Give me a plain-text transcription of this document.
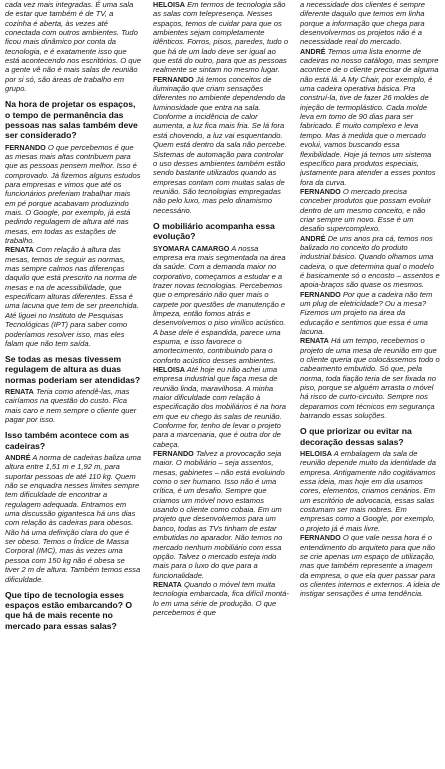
cada vez mais integradas. É uma sala de estar que também é de TV, a cozinha é aberta, às vezes até conectada com outros ambientes. Tudo ficou mais dinâmico por conta da tecnologia, e é exatamente isso que está acontecendo nos escritórios. O que a gente vê não é mais salas de reunião por si só, são áreas de trabalho em grupo.

Na hora de projetar os espaços, o tempo de permanência das pessoas nas salas também deve ser considerado?

FERNANDO O que percebemos é que as mesas mais altas contribuem para que as pessoas pensem melhor. Isso é comprovado. Já fizemos alguns estudos para empresas e vimos que até os funcionários preferiam trabalhar mais em pé porque acabavam produzindo mais. O Google, por exemplo, já está pedindo regulagem de altura até nas mesas, em todas as estações de trabalho.

RENATA Com relação à altura das mesas, temos de seguir as normas, mas sempre calmos nas diferenças daquilo que está prescrito na norma de mesas e na de acessibilidade, que especificam alturas diferentes. Essa é uma lacuna que tem de ser preenchida. Até liguei no Instituto de Pesquisas Tecnológicas (IPT) para saber como poderíamos resolver isso, mas eles falam que não tem saída.

Se todas as mesas tivessem regulagem de altura as duas normas poderiam ser atendidas?

RENATA Teria como atendê-las, mas cairíamos na questão do custo. Fica mais caro e nem sempre o cliente quer pagar por isso.

Isso também acontece com as cadeiras?

ANDRÉ A norma de cadeiras baliza uma altura entre 1,51 m e 1,92 m, para suportar pessoas de até 110 kg. Quem não se enquadra nesses limites sempre tem dificuldade de encontrar a regulagem adequada. Entramos em uma discussão gigantesca há uns dias com relação às cadeiras para obesos. Não há uma definição clara do que é ser obeso. Temos o Índice de Massa Corporal (IMC), mas às vezes uma pessoa com 150 kg não é obesa se tiver 2 m de altura. Também temos essa dificuldade.

Que tipo de tecnologia esses espaços estão embarcando? O que há de mais recente no mercado para essas salas?

HELOISA Em termos de tecnologia são as salas com telepresença. Nesses espaços, temos de cuidar para que os ambientes sejam completamente idênticos. Forros, pisos, paredes, tudo o que há de um lado deve ser igual ao que está do outro, para que as pessoas realmente se sintam no mesmo lugar.

FERNANDO Já temos conceitos de iluminação que criam sensações diferentes no ambiente dependendo da luminosidade que entra na sala. Conforme a incidência de calor aumenta, a luz fica mais fria. Se lá fora está chovendo, a luz vai esquentando. Quem está dentro da sala não percebe. Sistemas de automação para controlar o uso desses ambientes também estão sendo bastante utilizados quando as empresas contam com muitas salas de reunião. São tecnologias empregadas não pelo luxo, mas pelo dinamismo necessário.

O mobiliário acompanha essa evolução?

SYOMARA CAMARGO A nossa empresa era mais segmentada na área da saúde. Com a demanda maior no corporativo, começamos a estudar e a trazer novas tecnologias. Percebemos que o empresário não quer mais o carpete por questões de manutenção e limpeza, então fomos atrás e desenvolvemos o piso vinílico acústico. A base dele é espandida, parece uma espuma, e isso favorece o amortecimento, contribuindo para o conforto acústico desses ambientes.

HELOISA Até hoje eu não achei uma empresa industrial que faça mesa de reunião linda, maravilhosa. A minha maior dificuldade com relação à especificação dos mobiliários é na hora em que eu chego às salas de reunião. Conforme for, tenho de levar o projeto para a marcenaria, que é outra dor de cabeça.

FERNANDO Talvez a provocação seja maior. O mobiliário – seja assentos, mesas, gabinetes – não está evoluindo como o ser humano. Isso não é uma crítica, é um desafio. Sempre que criamos um móvel novo estamos usando o cliente como cobaia. Em um projeto que desenvolvemos para um banco, todas as TVs tinham de estar embutidas no aparador. Não temos no mercado nenhum mobiliário com essa opção. Talvez o mercado esteja indo mais para o luxo do que para a funcionalidade.

RENATA Quando o móvel tem muita tecnologia embarcada, fica difícil montá-lo em uma série de produção. O que percebemos é que

a necessidade dos clientes é sempre diferente daquilo que temos em linha porque a informação que chega para desenvolvermos os projetos não é a necessidade real do mercado.

ANDRÉ Temos uma lista enorme de cadeiras no nosso catálogo, mas sempre acontece de o cliente precisar de alguma não está lá. A My Chair, por exemplo, é uma cadeira operativa básica. Pra construí-la, tive de fazer 26 moldes de injeção de termoplástico. Cada molde leva em torno de 90 dias para ser fabricado. É muito complexo e leva tempo. Mas à medida que o mercado evolui, vamos buscando essa flexibilidade. Hoje já temos um sistema específico para produtos especiais, justamente para atender a esses pontos fora da curva.

FERNANDO O mercado precisa conceber produtos que possam evoluir dentro de um mesmo conceito, e não criar sempre um novo. Esse é um desafio supercomplexo.

ANDRÉ De uns anos pra cá, temos nos balizado no conceito do produto industrial básico. Quando olhamos uma cadeira, o que determina qual o modelo é basicamente só o encosto – assentos e apoia-braços são quase os mesmos.

FERNANDO Por que a cadeira não tem um plug de eletricidade? Ou a mesa? Fizemos um projeto na área da educação e sentimos que essa é uma lacuna.

RENATA Há um tempo, recebemos o projeto de uma mesa de reunião em que o cliente queria que colocássemos todo o cabeamento embutido. Só que, pela norma, toda fiação teria de ser fixada no piso, porque se alguém arrasta o móvel há risco de curto-circuito. Sempre nos deparamos com técnicos em segurança barrando essas soluções.

O que priorizar ou evitar na decoração dessas salas?

HELOISA A embalagem da sala de reunião depende muito da identidade da empresa. Antigamente não cogitávamos essa ideia, mas hoje em dia usamos cores, elementos, criamos cenários. Em um escritório de advocacia, essas salas costumam ser mais nobres. Em empresas como a Google, por exemplo, o projeto já é mais livre.

FERNANDO O que vale nessa hora é o entendimento do arquiteto para que não se crie apenas um espaço de utilização, mas que também represente a imagem da empresa, o que ela quer passar para os clientes internos e externos. A ideia de instigar sensações é uma tendência.
